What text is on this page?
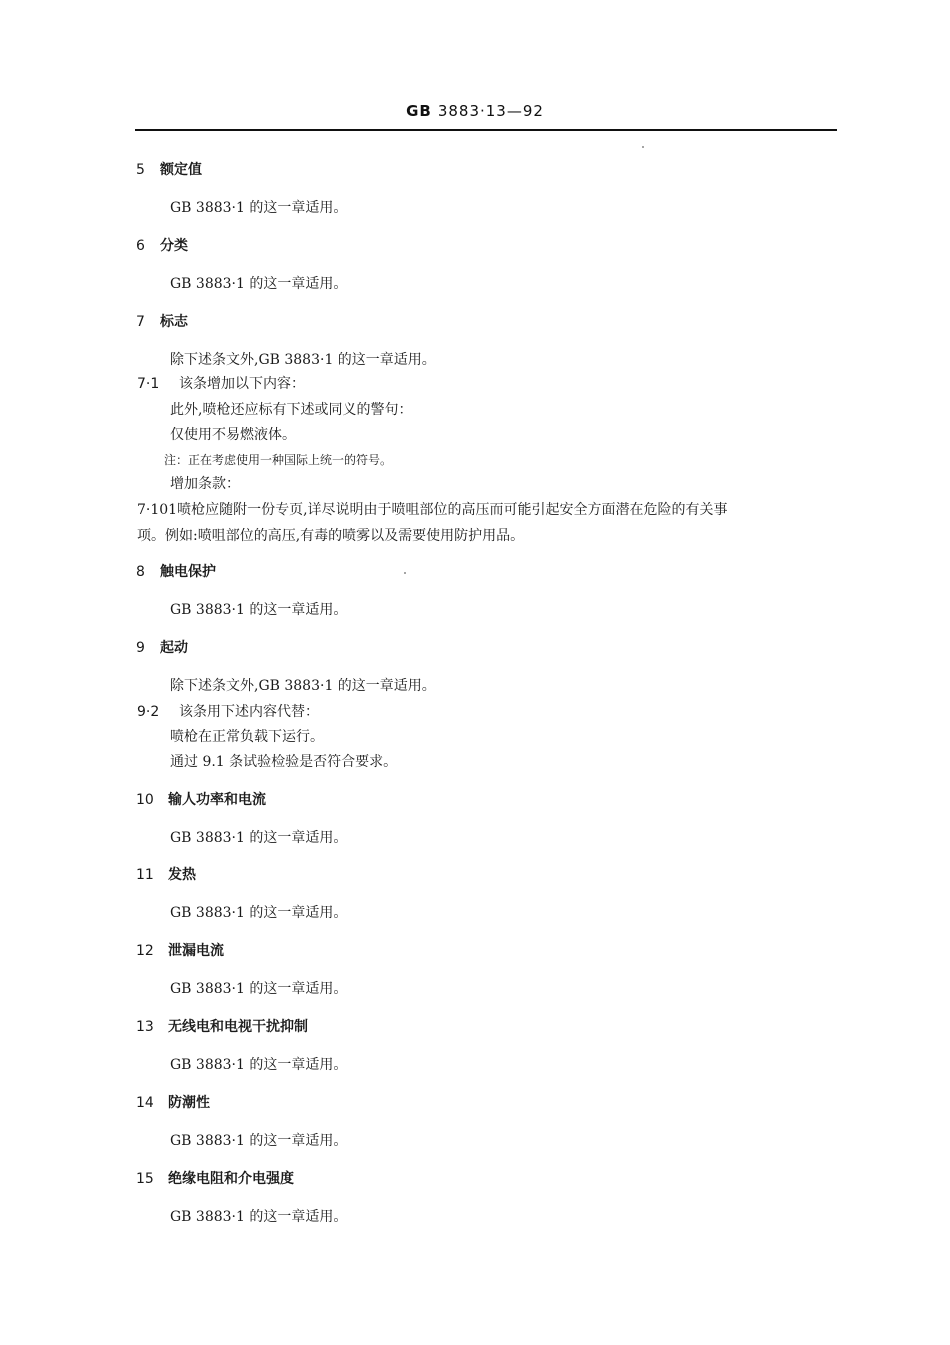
GB 3883·13—92
5 额定值
GB 3883·1 的这一章适用。
6 分类
GB 3883·1 的这一章适用。
7 标志
除下述条文外,GB 3883·1 的这一章适用。
7·1 该条增加以下内容：
此外,喷枪还应标有下述或同义的警句：
仅使用不易燃液体。
注：正在考虑使用一种国际上统一的符号。
增加条款：
7·101喷枪应随附一份专页,详尽说明由于喷咀部位的高压而可能引起安全方面潜在危险的有关事
项。例如:喷咀部位的高压,有毒的喷雾以及需要使用防护用品。
8 触电保护
GB 3883·1 的这一章适用。
9 起动
除下述条文外,GB 3883·1 的这一章适用。
9·2 该条用下述内容代替：
喷枪在正常负载下运行。
通过 9.1 条试验检验是否符合要求。
10 输人功率和电流
GB 3883·1 的这一章适用。
11 发热
GB 3883·1 的这一章适用。
12 泄漏电流
GB 3883·1 的这一章适用。
13 无线电和电视干扰抑制
GB 3883·1 的这一章适用。
14 防潮性
GB 3883·1 的这一章适用。
15 绝缘电阻和介电强度
GB 3883·1 的这一章适用。
